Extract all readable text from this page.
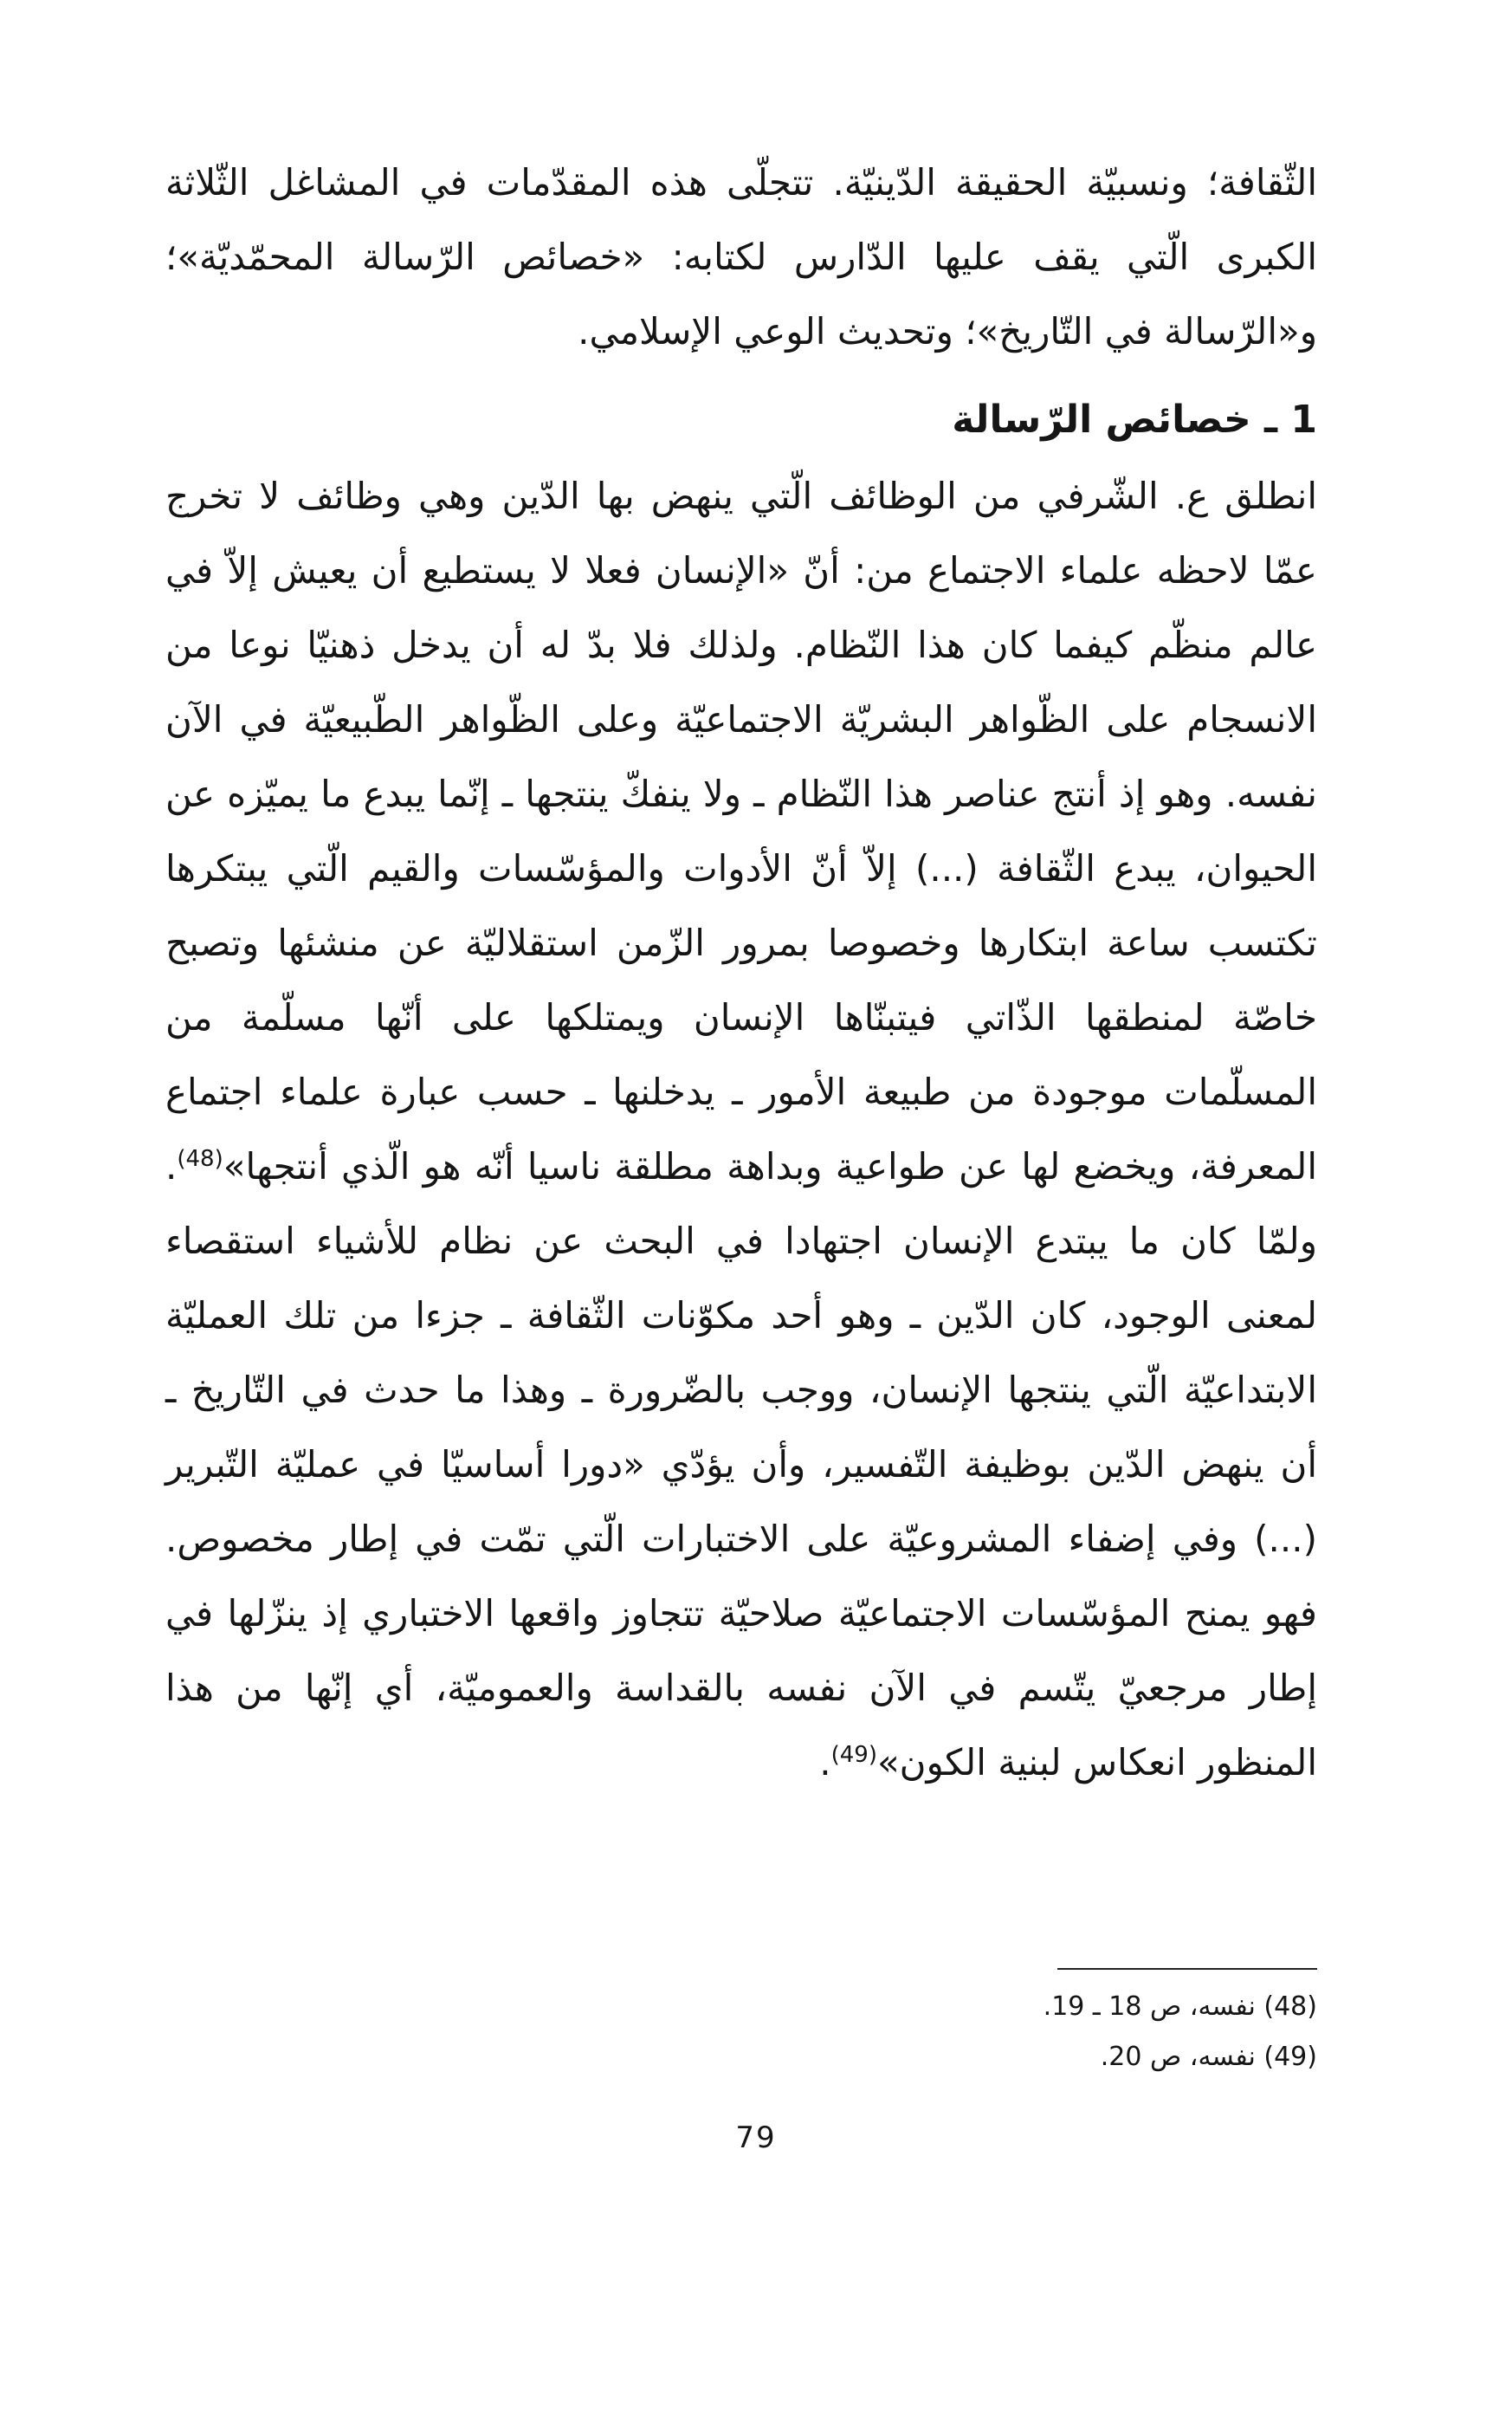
الثّقافة؛ ونسبيّة الحقيقة الدّينيّة. تتجلّى هذه المقدّمات في المشاغل الثّلاثة الكبرى الّتي يقف عليها الدّارس لكتابه: «خصائص الرّسالة المحمّديّة»؛ و«الرّسالة في التّاريخ»؛ وتحديث الوعي الإسلامي.

1 ـ خصائص الرّسالة

انطلق ع. الشّرفي من الوظائف الّتي ينهض بها الدّين وهي وظائف لا تخرج عمّا لاحظه علماء الاجتماع من: أنّ «الإنسان فعلا لا يستطيع أن يعيش إلاّ في عالم منظّم كيفما كان هذا النّظام. ولذلك فلا بدّ له أن يدخل ذهنيّا نوعا من الانسجام على الظّواهر البشريّة الاجتماعيّة وعلى الظّواهر الطّبيعيّة في الآن نفسه. وهو إذ أنتج عناصر هذا النّظام ـ ولا ينفكّ ينتجها ـ إنّما يبدع ما يميّزه عن الحيوان، يبدع الثّقافة (...) إلاّ أنّ الأدوات والمؤسّسات والقيم الّتي يبتكرها تكتسب ساعة ابتكارها وخصوصا بمرور الزّمن استقلاليّة عن منشئها وتصبح خاصّة لمنطقها الذّاتي فيتبنّاها الإنسان ويمتلكها على أنّها مسلّمة من المسلّمات موجودة من طبيعة الأمور ـ يدخلنها ـ حسب عبارة علماء اجتماع المعرفة، ويخضع لها عن طواعية وبداهة مطلقة ناسيا أنّه هو الّذي أنتجها»$^{(48)}$. ولمّا كان ما يبتدع الإنسان اجتهادا في البحث عن نظام للأشياء استقصاء لمعنى الوجود، كان الدّين ـ وهو أحد مكوّنات الثّقافة ـ جزءا من تلك العمليّة الابتداعيّة الّتي ينتجها الإنسان، ووجب بالضّرورة ـ وهذا ما حدث في التّاريخ ـ أن ينهض الدّين بوظيفة التّفسير، وأن يؤدّي «دورا أساسيّا في عمليّة التّبرير (...) وفي إضفاء المشروعيّة على الاختبارات الّتي تمّت في إطار مخصوص. فهو يمنح المؤسّسات الاجتماعيّة صلاحيّة تتجاوز واقعها الاختباري إذ ينزّلها في إطار مرجعيّ يتّسم في الآن نفسه بالقداسة والعموميّة، أي إنّها من هذا المنظور انعكاس لبنية الكون»$^{(49)}$.

(48) نفسه، ص 18 ـ 19.

(49) نفسه، ص 20.

79
